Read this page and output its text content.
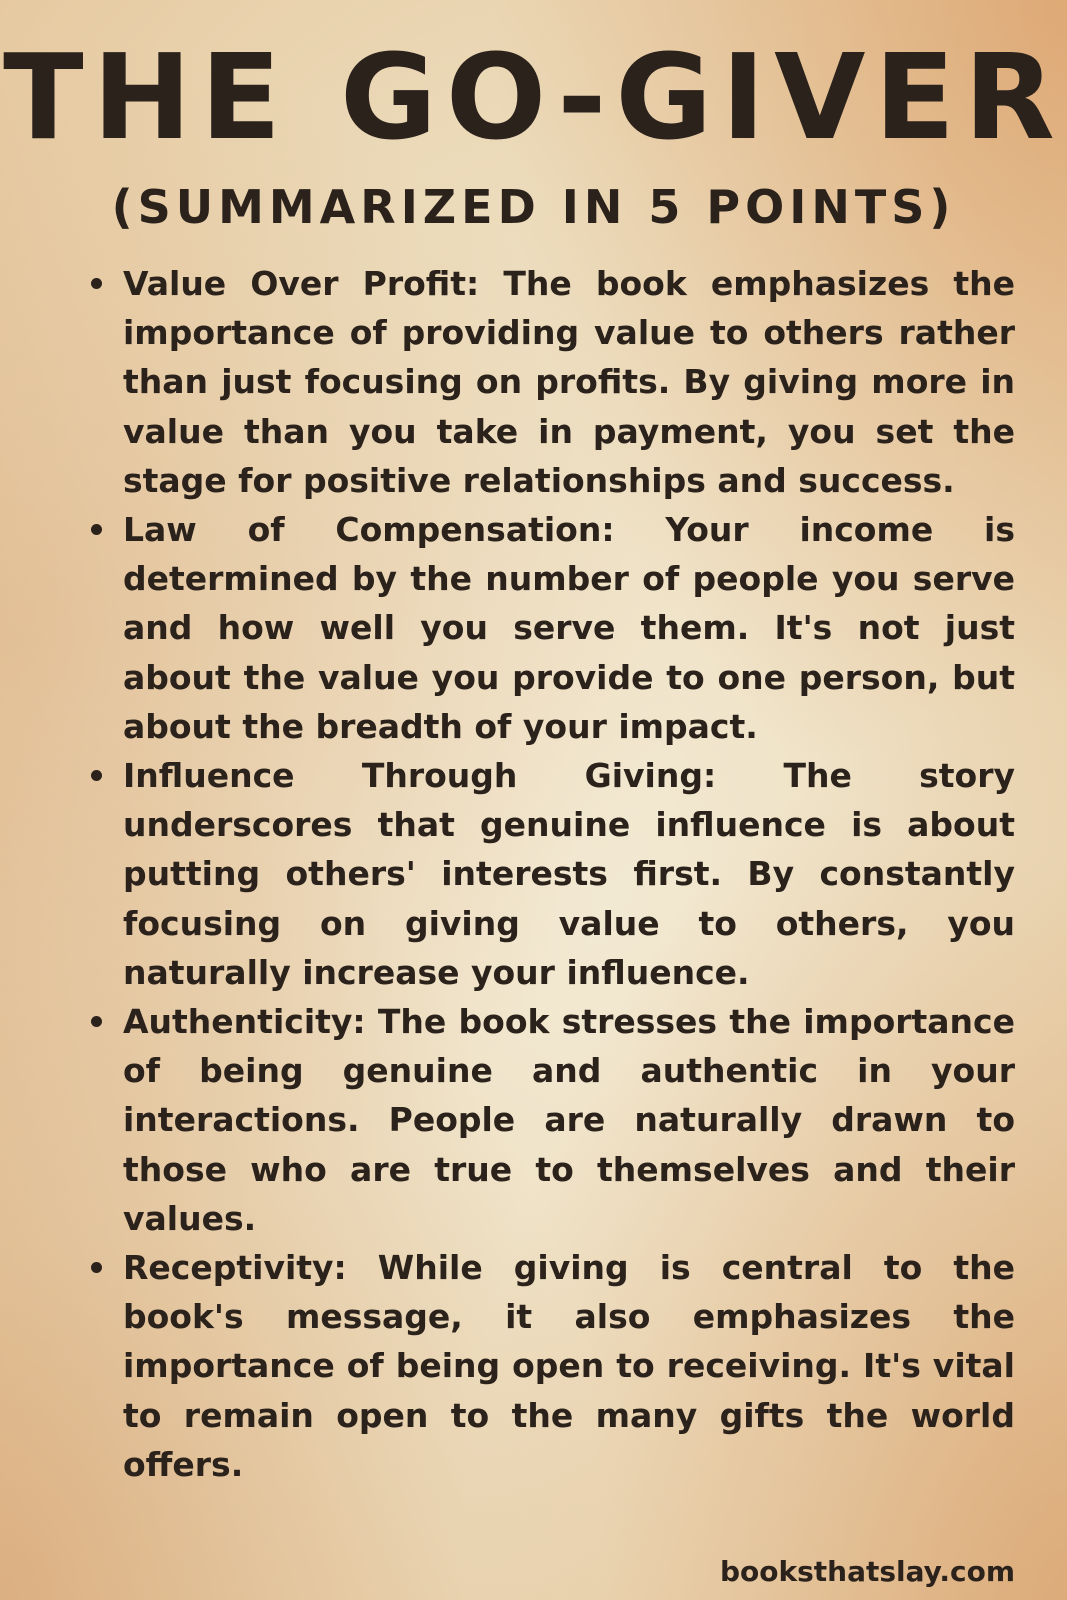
THE GO-GIVER
(SUMMARIZED IN 5 POINTS)
Value Over Profit: The book emphasizes the importance of providing value to others rather than just focusing on profits. By giving more in value than you take in payment, you set the stage for positive relationships and success.
Law of Compensation: Your income is determined by the number of people you serve and how well you serve them. It's not just about the value you provide to one person, but about the breadth of your impact.
Influence Through Giving: The story underscores that genuine influence is about putting others' interests first. By constantly focusing on giving value to others, you naturally increase your influence.
Authenticity: The book stresses the importance of being genuine and authentic in your interactions. People are naturally drawn to those who are true to themselves and their values.
Receptivity: While giving is central to the book's message, it also emphasizes the importance of being open to receiving. It's vital to remain open to the many gifts the world offers.
booksthatslay.com
